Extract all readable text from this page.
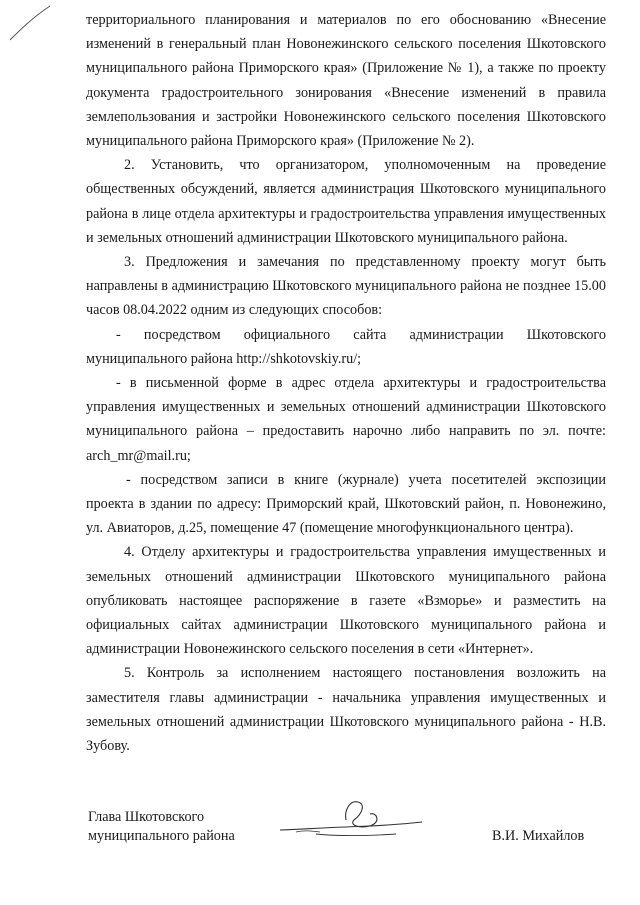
территориального планирования и материалов по его обоснованию «Внесение изменений в генеральный план Новонежинского сельского поселения Шкотовского муниципального района Приморского края» (Приложение № 1), а также по проекту документа градостроительного зонирования «Внесение изменений в правила землепользования и застройки Новонежинского сельского поселения Шкотовского муниципального района Приморского края» (Приложение № 2).

2. Установить, что организатором, уполномоченным на проведение общественных обсуждений, является администрация Шкотовского муниципального района в лице отдела архитектуры и градостроительства управления имущественных и земельных отношений администрации Шкотовского муниципального района.

3. Предложения и замечания по представленному проекту могут быть направлены в администрацию Шкотовского муниципального района не позднее 15.00 часов 08.04.2022 одним из следующих способов:

- посредством официального сайта администрации Шкотовского муниципального района http://shkotovskiy.ru/;

- в письменной форме в адрес отдела архитектуры и градостроительства управления имущественных и земельных отношений администрации Шкотовского муниципального района – предоставить нарочно либо направить по эл. почте: arch_mr@mail.ru;

- посредством записи в книге (журнале) учета посетителей экспозиции проекта в здании по адресу: Приморский край, Шкотовский район, п. Новонежино, ул. Авиаторов, д.25, помещение 47 (помещение многофункционального центра).

4. Отделу архитектуры и градостроительства управления имущественных и земельных отношений администрации Шкотовского муниципального района опубликовать настоящее распоряжение в газете «Взморье» и разместить на официальных сайтах администрации Шкотовского муниципального района и администрации Новонежинского сельского поселения в сети «Интернет».

5. Контроль за исполнением настоящего постановления возложить на заместителя главы администрации - начальника управления имущественных и земельных отношений администрации Шкотовского муниципального района - Н.В. Зубову.

Глава Шкотовского
муниципального района	В.И. Михайлов
